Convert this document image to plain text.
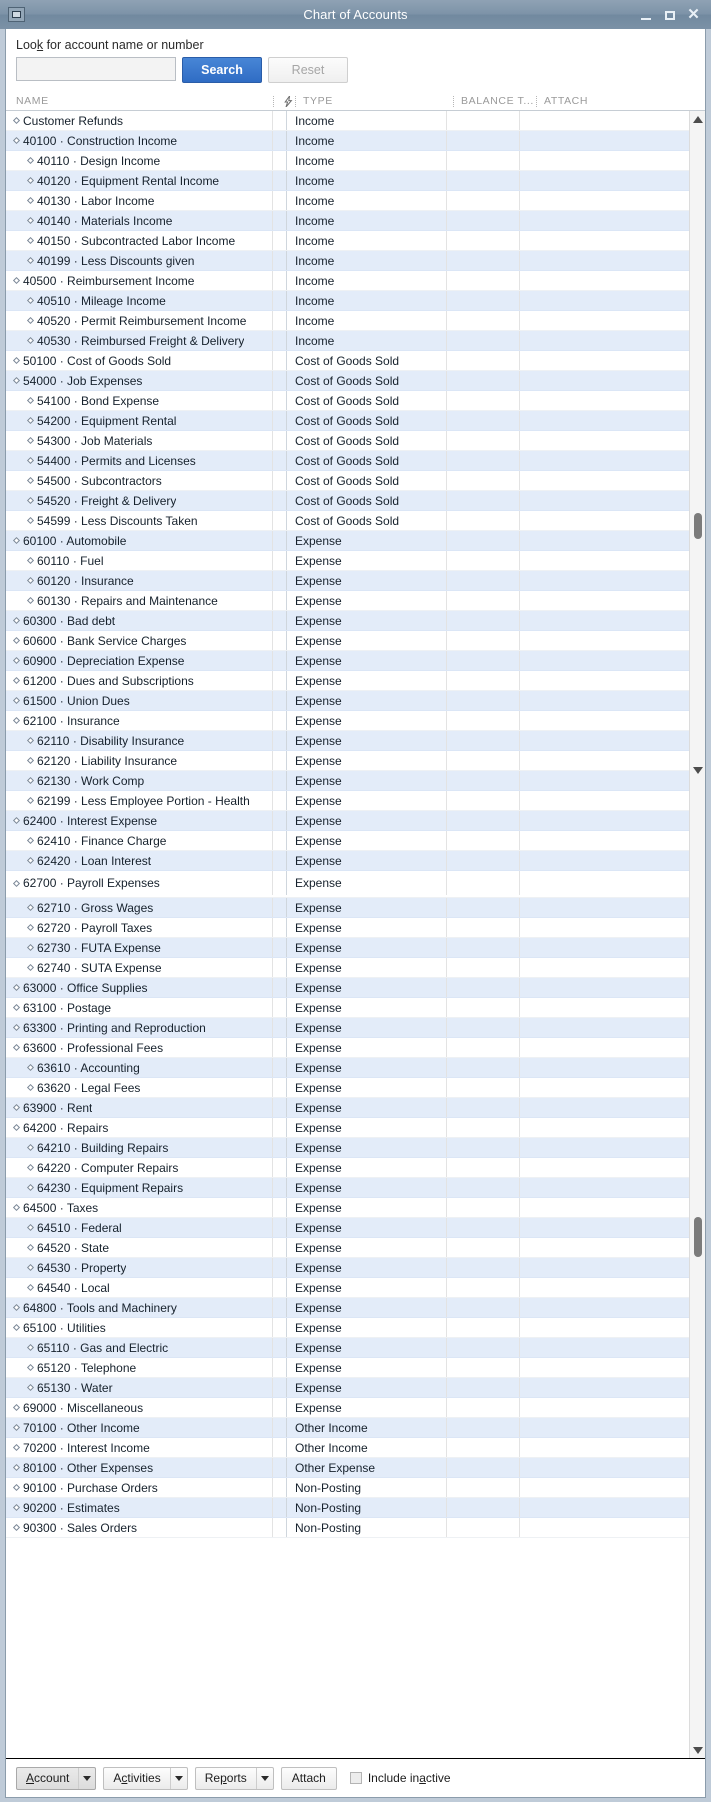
Chart of Accounts	✕
Look for account name or number
Search	Reset
NAME	TYPE	BALANCE T... ATTACH
Customer Refunds	Income
40100 · Construction Income	Income
40110 · Design Income	Income
40120 · Equipment Rental Income	Income
40130 · Labor Income	Income
40140 · Materials Income	Income
40150 · Subcontracted Labor Income	Income
40199 · Less Discounts given	Income
40500 · Reimbursement Income	Income
40510 · Mileage Income	Income
40520 · Permit Reimbursement Income	Income
40530 · Reimbursed Freight & Delivery	Income
50100 · Cost of Goods Sold	Cost of Goods Sold
54000 · Job Expenses	Cost of Goods Sold
54100 · Bond Expense	Cost of Goods Sold
54200 · Equipment Rental	Cost of Goods Sold
54300 · Job Materials	Cost of Goods Sold
54400 · Permits and Licenses	Cost of Goods Sold
54500 · Subcontractors	Cost of Goods Sold
54520 · Freight & Delivery	Cost of Goods Sold
54599 · Less Discounts Taken	Cost of Goods Sold
60100 · Automobile	Expense
60110 · Fuel	Expense
60120 · Insurance	Expense
60130 · Repairs and Maintenance	Expense
60300 · Bad debt	Expense
60600 · Bank Service Charges	Expense
60900 · Depreciation Expense	Expense
61200 · Dues and Subscriptions	Expense
61500 · Union Dues	Expense
62100 · Insurance	Expense
62110 · Disability Insurance	Expense
62120 · Liability Insurance	Expense
62130 · Work Comp	Expense
62199 · Less Employee Portion - Health	Expense
62400 · Interest Expense	Expense
62410 · Finance Charge	Expense
62420 · Loan Interest	Expense
62700 · Payroll Expenses	Expense
62710 · Gross Wages	Expense
62720 · Payroll Taxes	Expense
62730 · FUTA Expense	Expense
62740 · SUTA Expense	Expense
63000 · Office Supplies	Expense
63100 · Postage	Expense
63300 · Printing and Reproduction	Expense
63600 · Professional Fees	Expense
63610 · Accounting	Expense
63620 · Legal Fees	Expense
63900 · Rent	Expense
64200 · Repairs	Expense
64210 · Building Repairs	Expense
64220 · Computer Repairs	Expense
64230 · Equipment Repairs	Expense
64500 · Taxes	Expense
64510 · Federal	Expense
64520 · State	Expense
64530 · Property	Expense
64540 · Local	Expense
64800 · Tools and Machinery	Expense
65100 · Utilities	Expense
65110 · Gas and Electric	Expense
65120 · Telephone	Expense
65130 · Water	Expense
69000 · Miscellaneous	Expense
70100 · Other Income	Other Income
70200 · Interest Income	Other Income
80100 · Other Expenses	Other Expense
90100 · Purchase Orders	Non-Posting
90200 · Estimates	Non-Posting
90300 · Sales Orders	Non-Posting
A ccount	A c tivities	Re p orts	Attach	Include inactive
